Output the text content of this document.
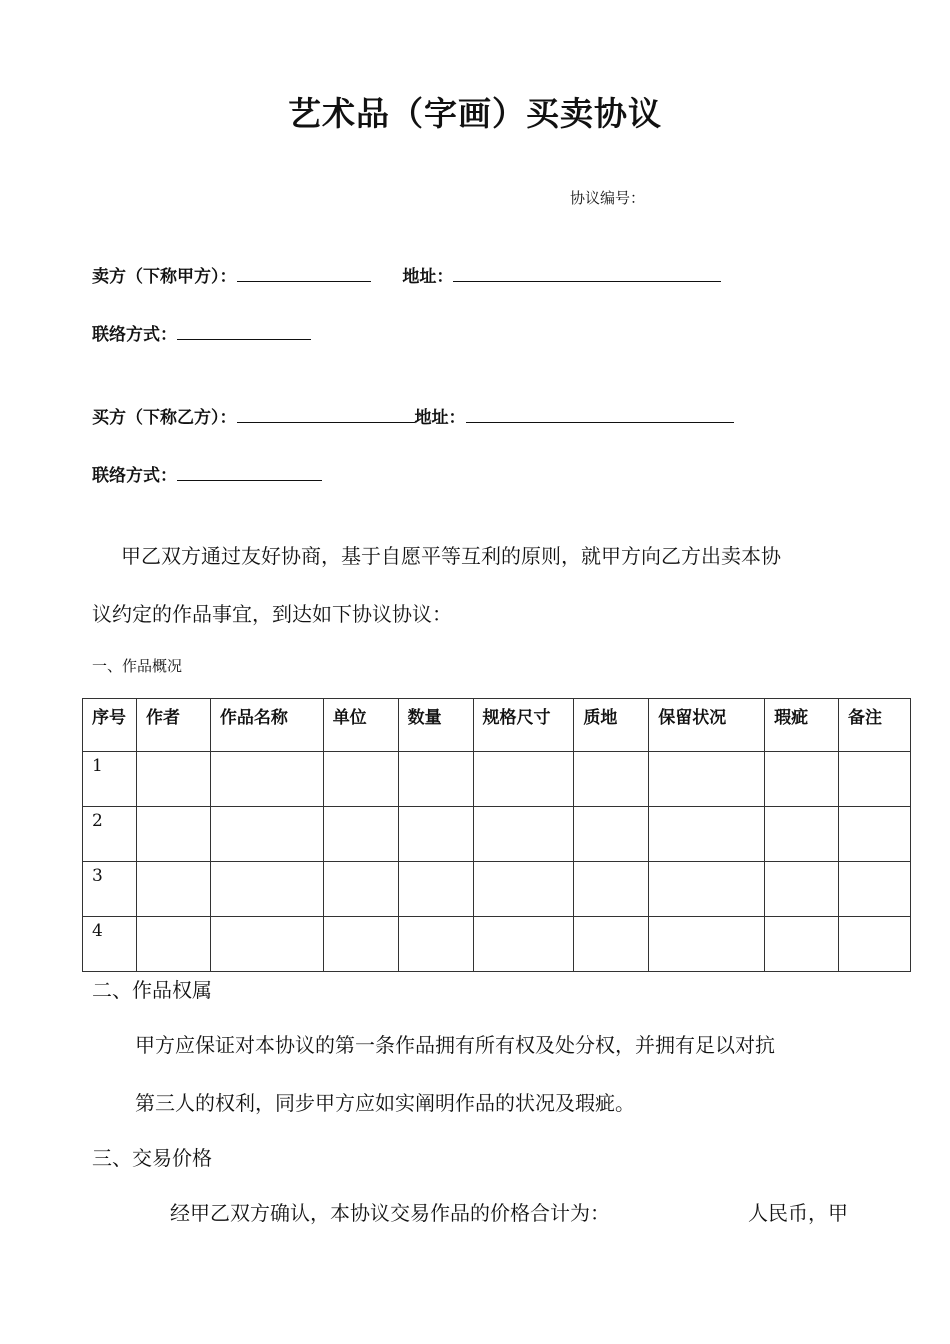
艺术品（字画）买卖协议
协议编号：
卖方（下称甲方）：	地址：
联络方式：
买方（下称乙方）：	地址：
联络方式：
甲乙双方通过友好协商，基于自愿平等互利的原则，就甲方向乙方出卖本协
议约定的作品事宜，到达如下协议协议：
一、作品概况
序号	作者	作品名称	单位	数量	规格尺寸	质地	保留状况	瑕疵	备注
1									
2									
3									
4									
二、作品权属
甲方应保证对本协议的第一条作品拥有所有权及处分权，并拥有足以对抗
第三人的权利，同步甲方应如实阐明作品的状况及瑕疵。
三、交易价格
经甲乙双方确认，本协议交易作品的价格合计为：	人民币，甲
